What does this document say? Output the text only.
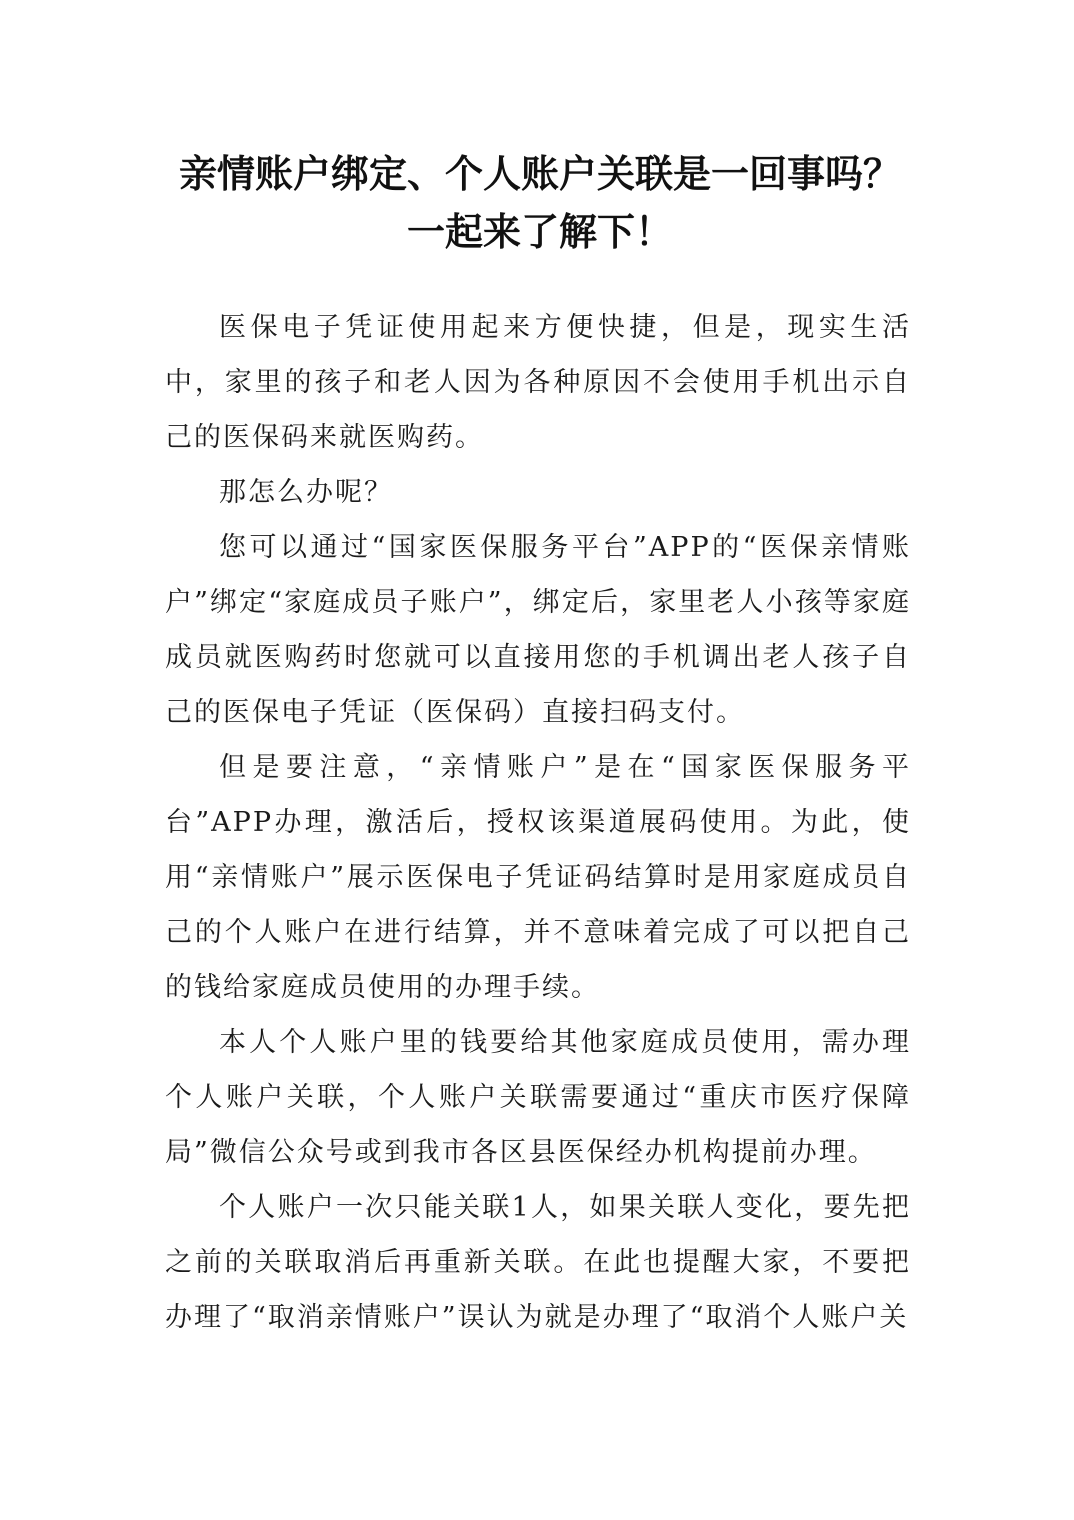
亲情账户绑定、个人账户关联是一回事吗？
一起来了解下！

医保电子凭证使用起来方便快捷，但是，现实生活中，家里的孩子和老人因为各种原因不会使用手机出示自己的医保码来就医购药。

那怎么办呢？

您可以通过“国家医保服务平台”APP的“医保亲情账户”绑定“家庭成员子账户”，绑定后，家里老人小孩等家庭成员就医购药时您就可以直接用您的手机调出老人孩子自己的医保电子凭证（医保码）直接扫码支付。

但是要注意，“亲情账户”是在“国家医保服务平台”APP办理，激活后，授权该渠道展码使用。为此，使用“亲情账户”展示医保电子凭证码结算时是用家庭成员自己的个人账户在进行结算，并不意味着完成了可以把自己的钱给家庭成员使用的办理手续。

本人个人账户里的钱要给其他家庭成员使用，需办理个人账户关联，个人账户关联需要通过“重庆市医疗保障局”微信公众号或到我市各区县医保经办机构提前办理。

个人账户一次只能关联1人，如果关联人变化，要先把之前的关联取消后再重新关联。在此也提醒大家，不要把办理了“取消亲情账户”误认为就是办理了“取消个人账户关
